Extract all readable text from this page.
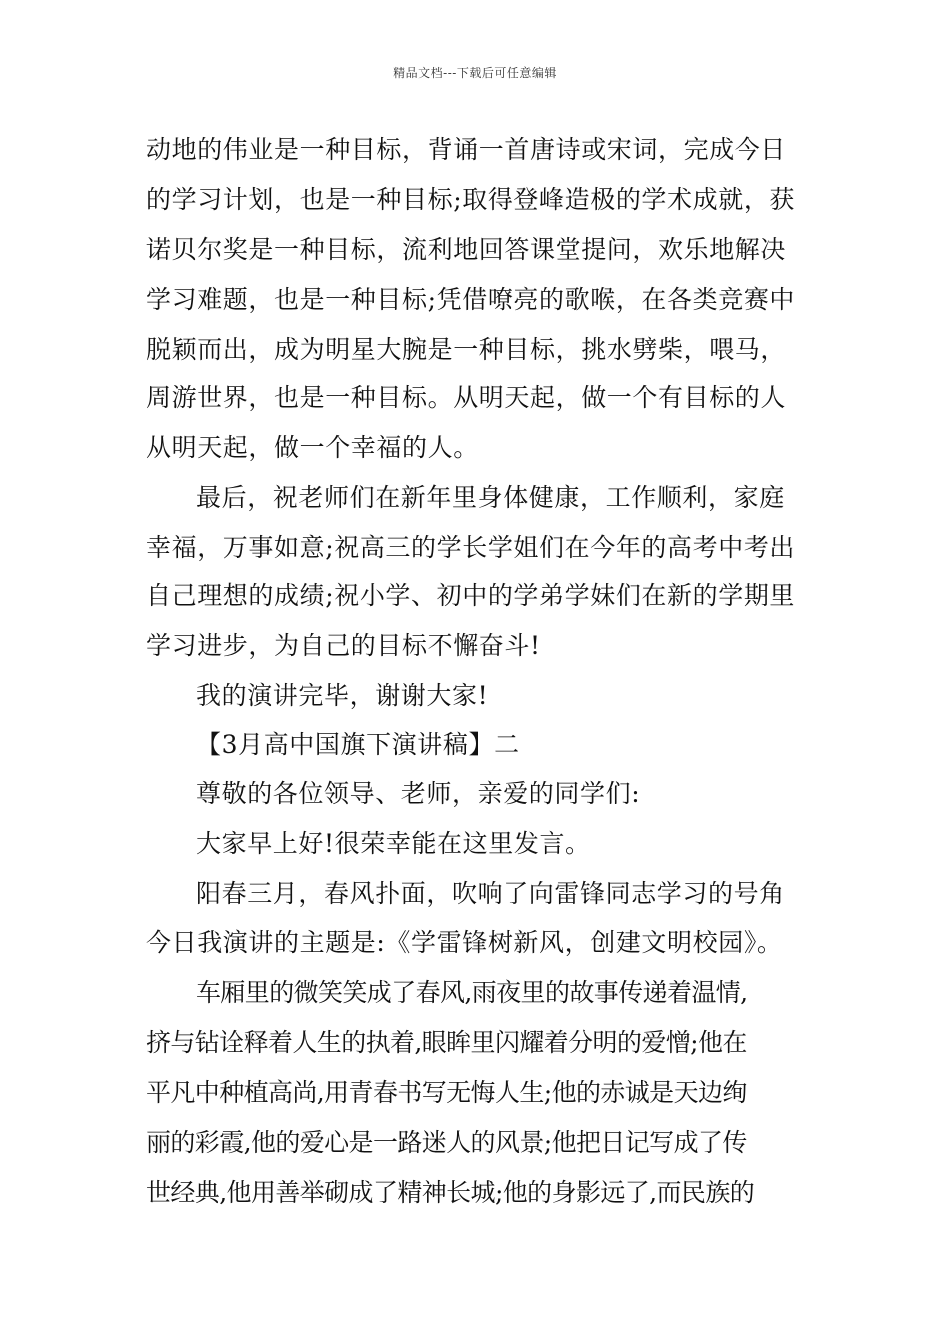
精品文档---下载后可任意编辑
动地的伟业是一种目标，背诵一首唐诗或宋词，完成今日
的学习计划，也是一种目标;取得登峰造极的学术成就，获
诺贝尔奖是一种目标，流利地回答课堂提问，欢乐地解决
学习难题，也是一种目标;凭借嘹亮的歌喉，在各类竞赛中
脱颖而出，成为明星大腕是一种目标，挑水劈柴，喂马，
周游世界，也是一种目标。从明天起，做一个有目标的人
从明天起，做一个幸福的人。
最后，祝老师们在新年里身体健康，工作顺利，家庭
幸福，万事如意;祝高三的学长学姐们在今年的高考中考出
自己理想的成绩;祝小学、初中的学弟学妹们在新的学期里
学习进步，为自己的目标不懈奋斗!
我的演讲完毕，谢谢大家!
【3月高中国旗下演讲稿】二
尊敬的各位领导、老师，亲爱的同学们:
大家早上好!很荣幸能在这里发言。
阳春三月，春风扑面，吹响了向雷锋同志学习的号角
今日我演讲的主题是:《学雷锋树新风，创建文明校园》。
车厢里的微笑笑成了春风,雨夜里的故事传递着温情,
挤与钻诠释着人生的执着,眼眸里闪耀着分明的爱憎;他在
平凡中种植高尚,用青春书写无悔人生;他的赤诚是天边绚
丽的彩霞,他的爱心是一路迷人的风景;他把日记写成了传
世经典,他用善举砌成了精神长城;他的身影远了,而民族的
